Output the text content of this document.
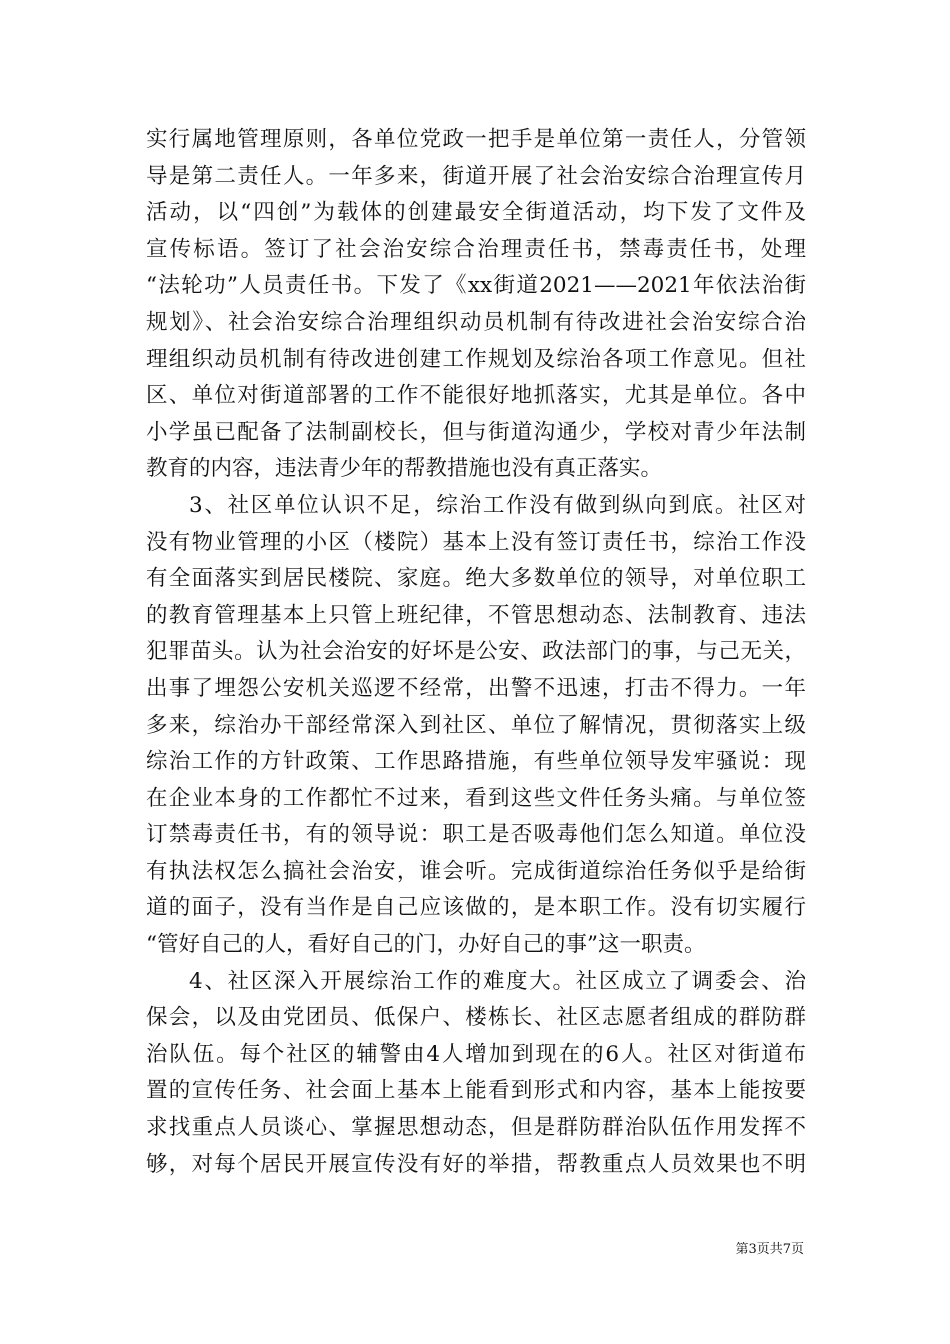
实行属地管理原则，各单位党政一把手是单位第一责任人，分管领
导是第二责任人。一年多来，街道开展了社会治安综合治理宣传月
活动，以“四创”为载体的创建最安全街道活动，均下发了文件及
宣传标语。签订了社会治安综合治理责任书，禁毒责任书，处理
“法轮功”人员责任书。下发了《xx街道2021——2021年依法治街
规划》、社会治安综合治理组织动员机制有待改进社会治安综合治
理组织动员机制有待改进创建工作规划及综治各项工作意见。但社
区、单位对街道部署的工作不能很好地抓落实，尤其是单位。各中
小学虽已配备了法制副校长，但与街道沟通少，学校对青少年法制
教育的内容，违法青少年的帮教措施也没有真正落实。
3、社区单位认识不足，综治工作没有做到纵向到底。社区对
没有物业管理的小区（楼院）基本上没有签订责任书，综治工作没
有全面落实到居民楼院、家庭。绝大多数单位的领导，对单位职工
的教育管理基本上只管上班纪律，不管思想动态、法制教育、违法
犯罪苗头。认为社会治安的好坏是公安、政法部门的事，与己无关，
出事了埋怨公安机关巡逻不经常，出警不迅速，打击不得力。一年
多来，综治办干部经常深入到社区、单位了解情况，贯彻落实上级
综治工作的方针政策、工作思路措施，有些单位领导发牢骚说：现
在企业本身的工作都忙不过来，看到这些文件任务头痛。与单位签
订禁毒责任书，有的领导说：职工是否吸毒他们怎么知道。单位没
有执法权怎么搞社会治安，谁会听。完成街道综治任务似乎是给街
道的面子，没有当作是自己应该做的，是本职工作。没有切实履行
“管好自己的人，看好自己的门，办好自己的事”这一职责。
4、社区深入开展综治工作的难度大。社区成立了调委会、治
保会，以及由党团员、低保户、楼栋长、社区志愿者组成的群防群
治队伍。每个社区的辅警由4人增加到现在的6人。社区对街道布
置的宣传任务、社会面上基本上能看到形式和内容，基本上能按要
求找重点人员谈心、掌握思想动态，但是群防群治队伍作用发挥不
够，对每个居民开展宣传没有好的举措，帮教重点人员效果也不明
第3页共7页
